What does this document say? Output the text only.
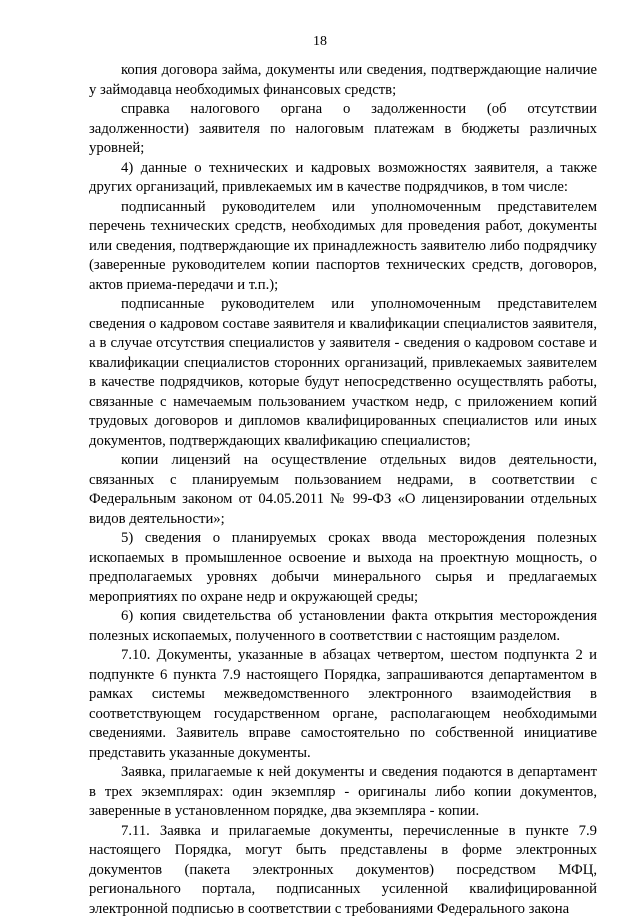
18

копия договора займа, документы или сведения, подтверждающие наличие у займодавца необходимых финансовых средств;

справка налогового органа о задолженности (об отсутствии задолженности) заявителя по налоговым платежам в бюджеты различных уровней;

4) данные о технических и кадровых возможностях заявителя, а также других организаций, привлекаемых им в качестве подрядчиков, в том числе:

подписанный руководителем или уполномоченным представителем перечень технических средств, необходимых для проведения работ, документы или сведения, подтверждающие их принадлежность заявителю либо подрядчику (заверенные руководителем копии паспортов технических средств, договоров, актов приема-передачи и т.п.);

подписанные руководителем или уполномоченным представителем сведения о кадровом составе заявителя и квалификации специалистов заявителя, а в случае отсутствия специалистов у заявителя - сведения о кадровом составе и квалификации специалистов сторонних организаций, привлекаемых заявителем в качестве подрядчиков, которые будут непосредственно осуществлять работы, связанные с намечаемым пользованием участком недр, с приложением копий трудовых договоров и дипломов квалифицированных специалистов или иных документов, подтверждающих квалификацию специалистов;

копии лицензий на осуществление отдельных видов деятельности, связанных с планируемым пользованием недрами, в соответствии с Федеральным законом от 04.05.2011 № 99-ФЗ «О лицензировании отдельных видов деятельности»;

5) сведения о планируемых сроках ввода месторождения полезных ископаемых в промышленное освоение и выхода на проектную мощность, о предполагаемых уровнях добычи минерального сырья и предлагаемых мероприятиях по охране недр и окружающей среды;

6) копия свидетельства об установлении факта открытия месторождения полезных ископаемых, полученного в соответствии с настоящим разделом.

7.10. Документы, указанные в абзацах четвертом, шестом подпункта 2 и подпункте 6 пункта 7.9 настоящего Порядка, запрашиваются департаментом в рамках системы межведомственного электронного взаимодействия в соответствующем государственном органе, располагающем необходимыми сведениями. Заявитель вправе самостоятельно по собственной инициативе представить указанные документы.

Заявка, прилагаемые к ней документы и сведения подаются в департамент в трех экземплярах: один экземпляр - оригиналы либо копии документов, заверенные в установленном порядке, два экземпляра - копии.

7.11. Заявка и прилагаемые документы, перечисленные в пункте 7.9 настоящего Порядка, могут быть представлены в форме электронных документов (пакета электронных документов) посредством МФЦ, регионального портала, подписанных усиленной квалифицированной электронной подписью в соответствии с требованиями Федерального закона
